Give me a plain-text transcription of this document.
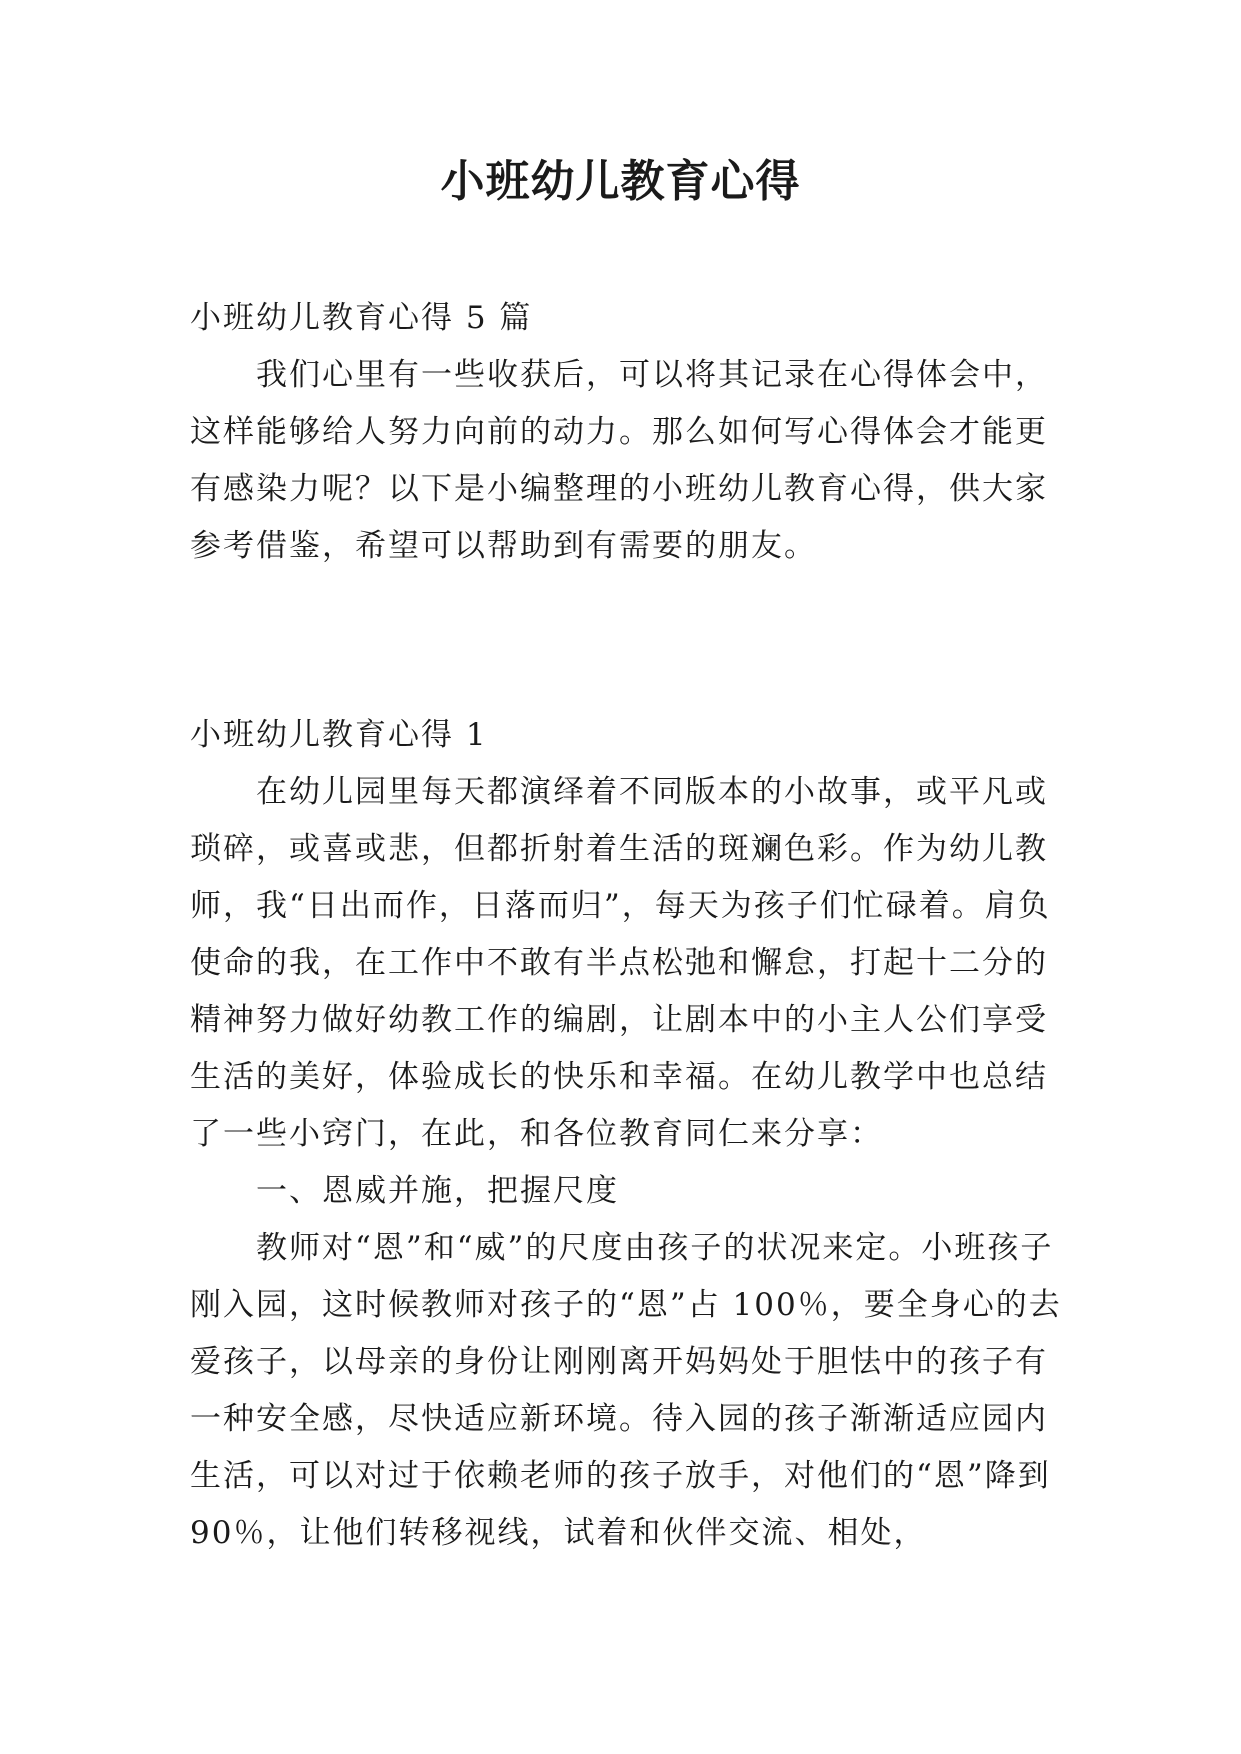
小班幼儿教育心得

小班幼儿教育心得 5 篇

我们心里有一些收获后，可以将其记录在心得体会中，这样能够给人努力向前的动力。那么如何写心得体会才能更有感染力呢？以下是小编整理的小班幼儿教育心得，供大家参考借鉴，希望可以帮助到有需要的朋友。

小班幼儿教育心得 1

在幼儿园里每天都演绎着不同版本的小故事，或平凡或琐碎，或喜或悲，但都折射着生活的斑斓色彩。作为幼儿教师，我“日出而作，日落而归”，每天为孩子们忙碌着。肩负使命的我，在工作中不敢有半点松弛和懈怠，打起十二分的精神努力做好幼教工作的编剧，让剧本中的小主人公们享受生活的美好，体验成长的快乐和幸福。在幼儿教学中也总结了一些小窍门，在此，和各位教育同仁来分享：

一、恩威并施，把握尺度

教师对“恩”和“威”的尺度由孩子的状况来定。小班孩子刚入园，这时候教师对孩子的“恩”占 100％，要全身心的去爱孩子，以母亲的身份让刚刚离开妈妈处于胆怯中的孩子有一种安全感，尽快适应新环境。待入园的孩子渐渐适应园内生活，可以对过于依赖老师的孩子放手，对他们的“恩”降到 90％，让他们转移视线，试着和伙伴交流、相处，
